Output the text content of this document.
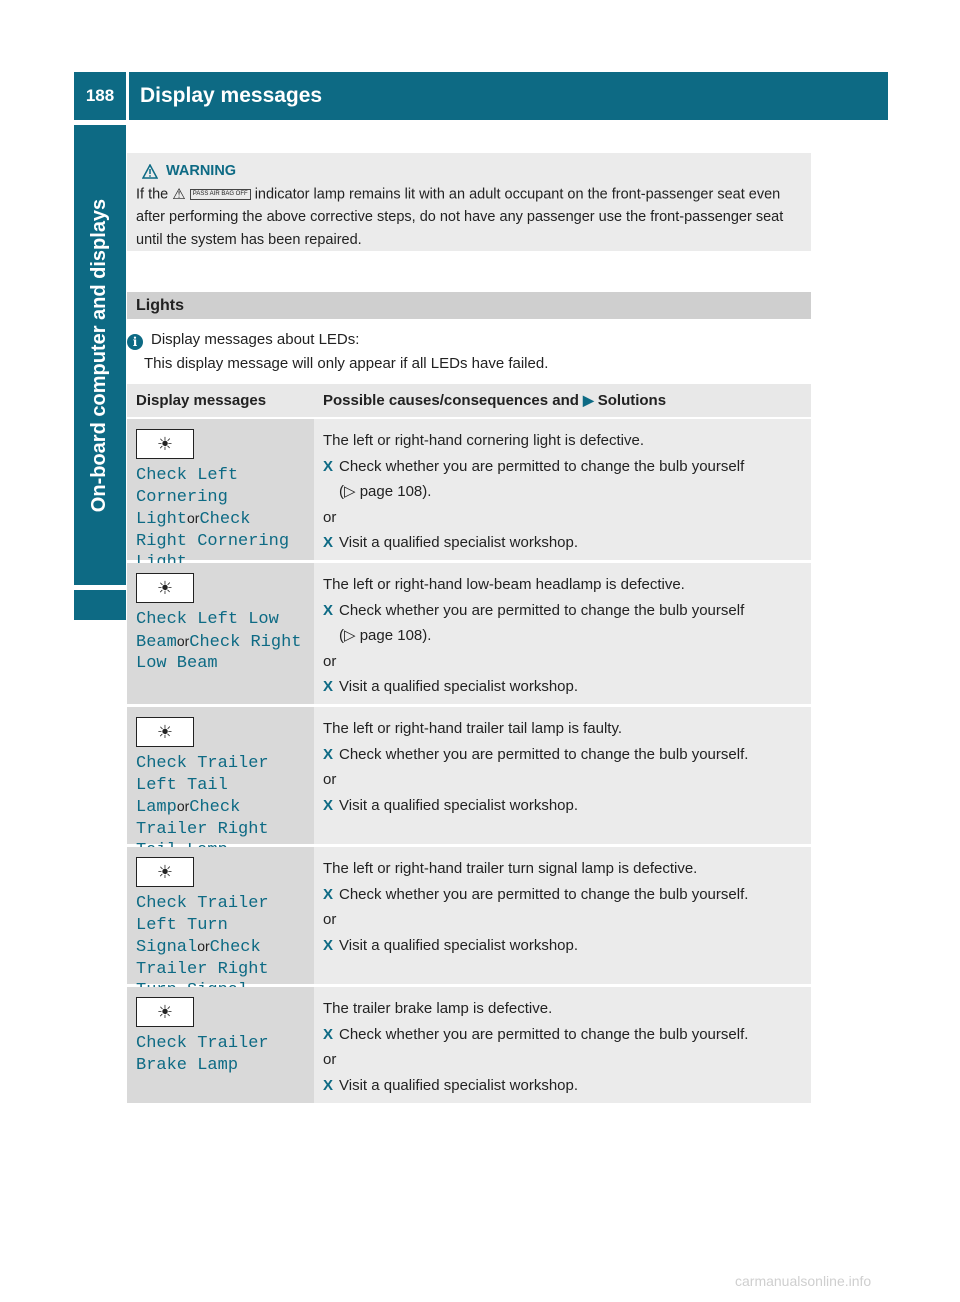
188	Display messages
On-board computer and displays
WARNING
If the ⚠ PASS AIR BAG OFF indicator lamp remains lit with an adult occupant on the front-passenger seat even after performing the above corrective steps, do not have any passenger use the front-passenger seat until the system has been repaired.
Lights
i Display messages about LEDs:
This display message will only appear if all LEDs have failed.
Display messages	Possible causes/consequences and ▶ Solutions
☀
Check Left Cornering LightorCheck Right Cornering
The left or right-hand cornering light is defective.
X Check whether you are permitted to change the bulb yourself
(▷ page 108).
or
X Visit a qualified specialist workshop.
☀
Check Left Low BeamorCheck Right Low Beam
The left or right-hand low-beam headlamp is defective.
X Check whether you are permitted to change the bulb yourself
(▷ page 108).
or
X Visit a qualified specialist workshop.
☀
Check Trailer Left Tail LamporCheck Trailer Right
The left or right-hand trailer tail lamp is faulty.
X Check whether you are permitted to change the bulb yourself.
or
X Visit a qualified specialist workshop.
☀
Check Trailer Left Turn SignalorCheck Trailer Right
The left or right-hand trailer turn signal lamp is defective.
X Check whether you are permitted to change the bulb yourself.
or
X Visit a qualified specialist workshop.
☀
Check Trailer Brake Lamp
The trailer brake lamp is defective.
X Check whether you are permitted to change the bulb yourself.
or
X Visit a qualified specialist workshop.
carmanualsonline.info
